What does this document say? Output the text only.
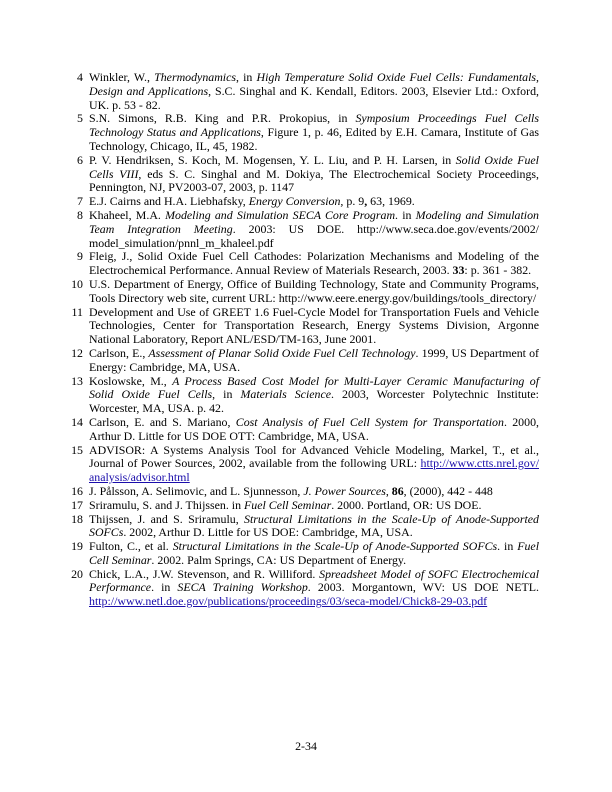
4 Winkler, W., Thermodynamics, in High Temperature Solid Oxide Fuel Cells: Fundamentals, Design and Applications, S.C. Singhal and K. Kendall, Editors. 2003, Elsevier Ltd.: Oxford, UK. p. 53 - 82.
5 S.N. Simons, R.B. King and P.R. Prokopius, in Symposium Proceedings Fuel Cells Technology Status and Applications, Figure 1, p. 46, Edited by E.H. Camara, Institute of Gas Technology, Chicago, IL, 45, 1982.
6 P. V. Hendriksen, S. Koch, M. Mogensen, Y. L. Liu, and P. H. Larsen, in Solid Oxide Fuel Cells VIII, eds S. C. Singhal and M. Dokiya, The Electrochemical Society Proceedings, Pennington, NJ, PV2003-07, 2003, p. 1147
7 E.J. Cairns and H.A. Liebhafsky, Energy Conversion, p. 9, 63, 1969.
8 Khaheel, M.A. Modeling and Simulation SECA Core Program. in Modeling and Simulation Team Integration Meeting. 2003: US DOE. http://www.seca.doe.gov/events/2002/ model_simulation/pnnl_m_khaleel.pdf
9 Fleig, J., Solid Oxide Fuel Cell Cathodes: Polarization Mechanisms and Modeling of the Electrochemical Performance. Annual Review of Materials Research, 2003. 33: p. 361 - 382.
10 U.S. Department of Energy, Office of Building Technology, State and Community Programs, Tools Directory web site, current URL: http://www.eere.energy.gov/buildings/tools_directory/
11 Development and Use of GREET 1.6 Fuel-Cycle Model for Transportation Fuels and Vehicle Technologies, Center for Transportation Research, Energy Systems Division, Argonne National Laboratory, Report ANL/ESD/TM-163, June 2001.
12 Carlson, E., Assessment of Planar Solid Oxide Fuel Cell Technology. 1999, US Department of Energy: Cambridge, MA, USA.
13 Koslowske, M., A Process Based Cost Model for Multi-Layer Ceramic Manufacturing of Solid Oxide Fuel Cells, in Materials Science. 2003, Worcester Polytechnic Institute: Worcester, MA, USA. p. 42.
14 Carlson, E. and S. Mariano, Cost Analysis of Fuel Cell System for Transportation. 2000, Arthur D. Little for US DOE OTT: Cambridge, MA, USA.
15 ADVISOR: A Systems Analysis Tool for Advanced Vehicle Modeling, Markel, T., et al., Journal of Power Sources, 2002, available from the following URL: http://www.ctts.nrel.gov/ analysis/advisor.html
16 J. Pålsson, A. Selimovic, and L. Sjunnesson, J. Power Sources, 86, (2000), 442 - 448
17 Sriramulu, S. and J. Thijssen. in Fuel Cell Seminar. 2000. Portland, OR: US DOE.
18 Thijssen, J. and S. Sriramulu, Structural Limitations in the Scale-Up of Anode-Supported SOFCs. 2002, Arthur D. Little for US DOE: Cambridge, MA, USA.
19 Fulton, C., et al. Structural Limitations in the Scale-Up of Anode-Supported SOFCs. in Fuel Cell Seminar. 2002. Palm Springs, CA: US Department of Energy.
20 Chick, L.A., J.W. Stevenson, and R. Williford. Spreadsheet Model of SOFC Electrochemical Performance. in SECA Training Workshop. 2003. Morgantown, WV: US DOE NETL. http://www.netl.doe.gov/publications/proceedings/03/seca-model/Chick8-29-03.pdf
2-34
